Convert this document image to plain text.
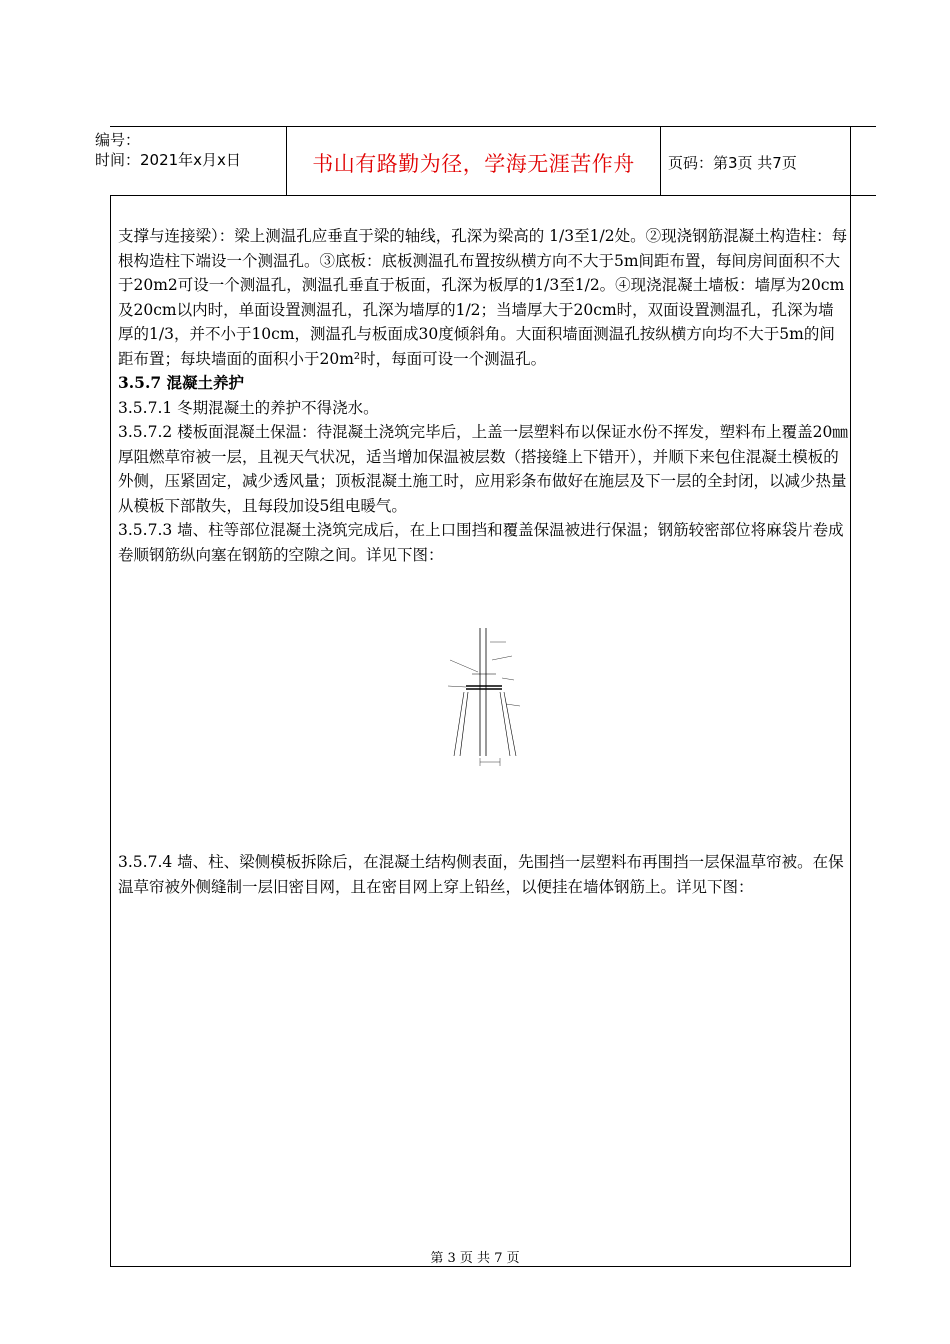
编号：
时间：2021年x月x日	书山有路勤为径，学海无涯苦作舟	页码：第3页 共7页

支撑与连接梁）：梁上测温孔应垂直于梁的轴线，孔深为梁高的 1/3至1/2处。②现浇钢筋混凝土构造柱：每根构造柱下端设一个测温孔。③底板：底板测温孔布置按纵横方向不大于5m间距布置，每间房间面积不大于20m2可设一个测温孔，测温孔垂直于板面，孔深为板厚的1/3至1/2。④现浇混凝土墙板：墙厚为20cm及20cm以内时，单面设置测温孔，孔深为墙厚的1/2；当墙厚大于20cm时，双面设置测温孔，孔深为墙厚的1/3，并不小于10cm，测温孔与板面成30度倾斜角。大面积墙面测温孔按纵横方向均不大于5m的间距布置；每块墙面的面积小于20m²时，每面可设一个测温孔。

3.5.7 混凝土养护

3.5.7.1 冬期混凝土的养护不得浇水。

3.5.7.2 楼板面混凝土保温：待混凝土浇筑完毕后，上盖一层塑料布以保证水份不挥发，塑料布上覆盖20㎜厚阻燃草帘被一层，且视天气状况，适当增加保温被层数（搭接缝上下错开），并顺下来包住混凝土模板的外侧，压紧固定，减少透风量；顶板混凝土施工时，应用彩条布做好在施层及下一层的全封闭，以减少热量从模板下部散失，且每段加设5组电暖气。

3.5.7.3 墙、柱等部位混凝土浇筑完成后，在上口围挡和覆盖保温被进行保温；钢筋较密部位将麻袋片卷成卷顺钢筋纵向塞在钢筋的空隙之间。详见下图：

3.5.7.4 墙、柱、梁侧模板拆除后，在混凝土结构侧表面，先围挡一层塑料布再围挡一层保温草帘被。在保温草帘被外侧缝制一层旧密目网，且在密目网上穿上铅丝，以便挂在墙体钢筋上。详见下图：

第 3 页 共 7 页
